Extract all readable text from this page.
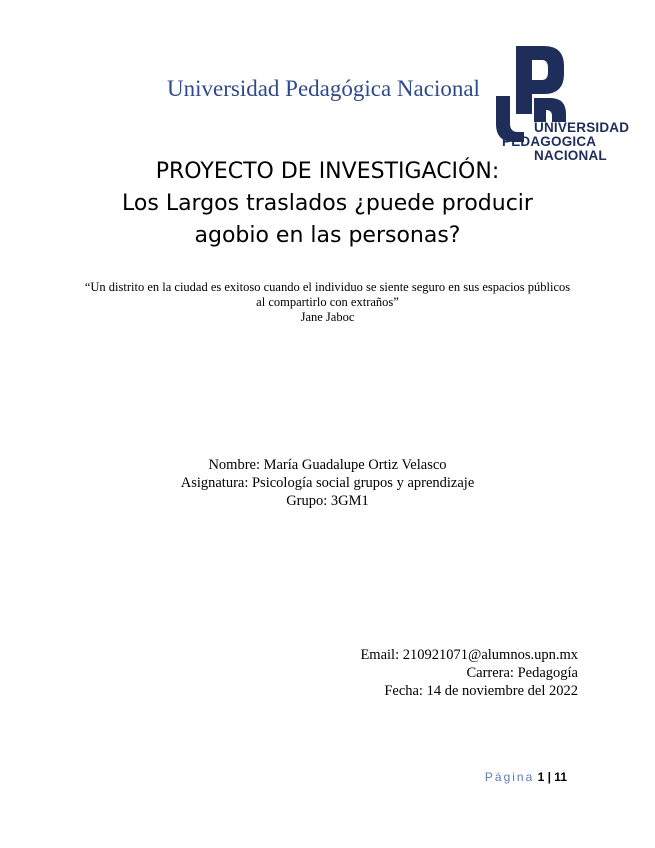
Universidad Pedagógica Nacional
UNIVERSIDAD
PEDAGOGICA
NACIONAL
PROYECTO DE INVESTIGACIÓN:
Los Largos traslados ¿puede producir
agobio en las personas?
“Un distrito en la ciudad es exitoso cuando el individuo se siente seguro en sus espacios públicos
al compartirlo con extraños”
Jane Jaboc
Nombre: María Guadalupe Ortiz Velasco
Asignatura: Psicología social grupos y aprendizaje
Grupo: 3GM1
Email: 210921071@alumnos.upn.mx
Carrera: Pedagogía
Fecha: 14 de noviembre del 2022
Página 1 | 11
